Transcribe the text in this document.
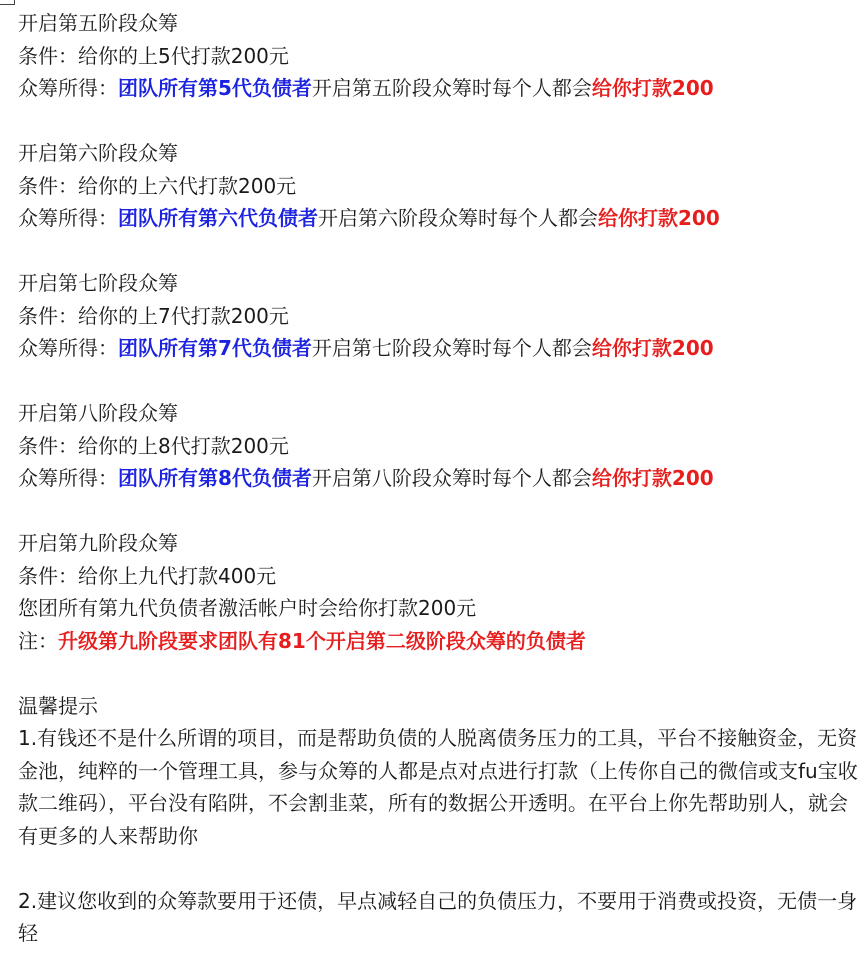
开启第五阶段众筹
条件：给你的上5代打款200元
众筹所得：团队所有第5代负债者开启第五阶段众筹时每个人都会给你打款200
开启第六阶段众筹
条件：给你的上六代打款200元
众筹所得：团队所有第六代负债者开启第六阶段众筹时每个人都会给你打款200
开启第七阶段众筹
条件：给你的上7代打款200元
众筹所得：团队所有第7代负债者开启第七阶段众筹时每个人都会给你打款200
开启第八阶段众筹
条件：给你的上8代打款200元
众筹所得：团队所有第8代负债者开启第八阶段众筹时每个人都会给你打款200
开启第九阶段众筹
条件：给你上九代打款400元
您团所有第九代负债者激活帐户时会给你打款200元
注：升级第九阶段要求团队有81个开启第二级阶段众筹的负债者
温馨提示
1.有钱还不是什么所谓的项目，而是帮助负债的人脱离债务压力的工具，平台不接触资金，无资金池，纯粹的一个管理工具，参与众筹的人都是点对点进行打款（上传你自己的微信或支fu宝收款二维码），平台没有陷阱，不会割韭菜，所有的数据公开透明。在平台上你先帮助别人，就会有更多的人来帮助你
2.建议您收到的众筹款要用于还债，早点减轻自己的负债压力，不要用于消费或投资，无债一身轻
